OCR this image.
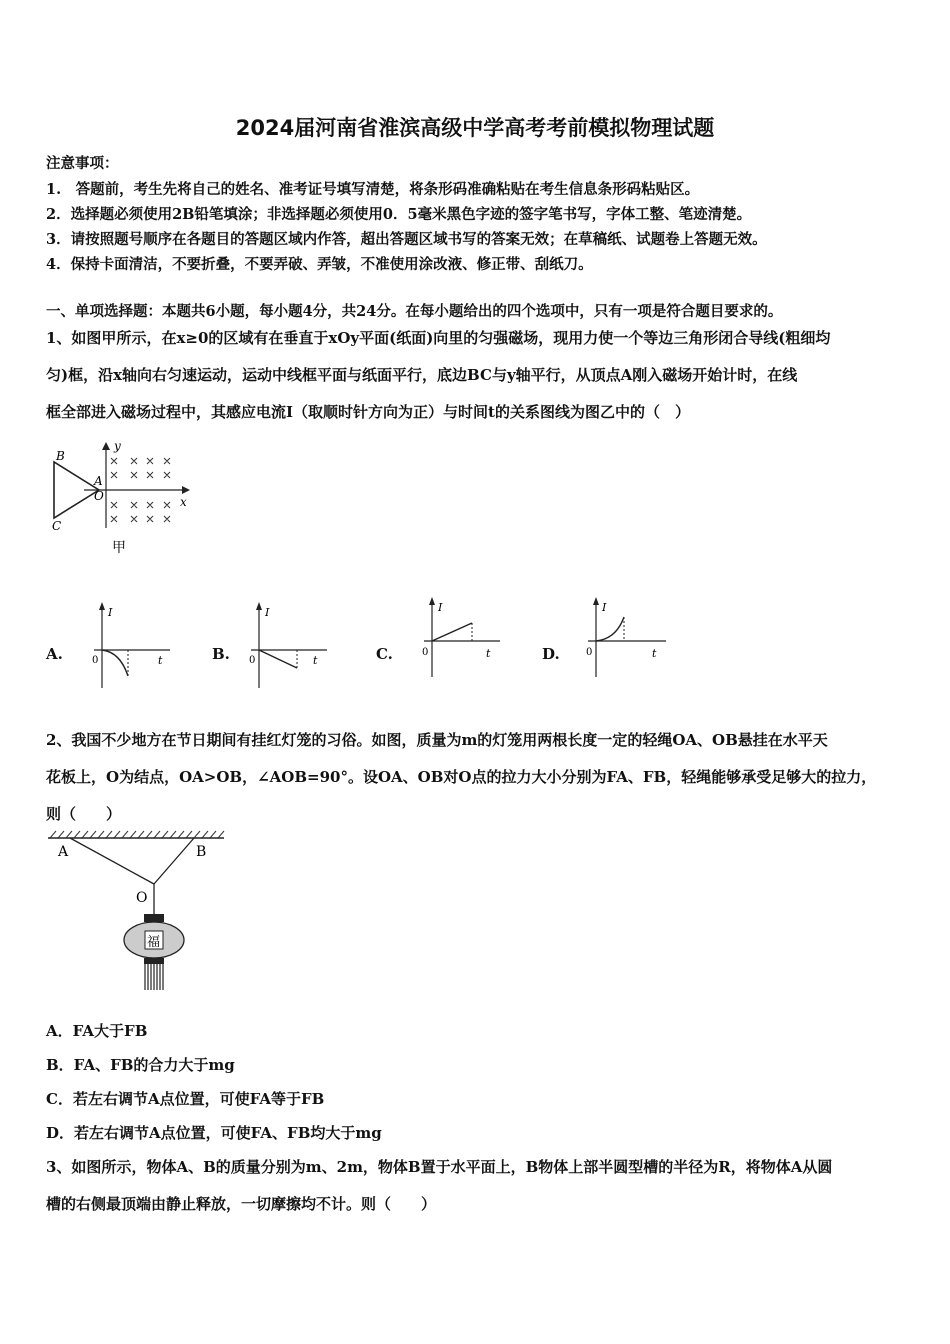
2024届河南省淮滨高级中学高考考前模拟物理试题
注意事项：
1.　答题前，考生先将自己的姓名、准考证号填写清楚，将条形码准确粘贴在考生信息条形码粘贴区。
2．选择题必须使用2B铅笔填涂；非选择题必须使用0．5毫米黑色字迹的签字笔书写，字体工整、笔迹清楚。
3．请按照题号顺序在各题目的答题区域内作答，超出答题区域书写的答案无效；在草稿纸、试题卷上答题无效。
4．保持卡面清洁，不要折叠，不要弄破、弄皱，不准使用涂改液、修正带、刮纸刀。
一、单项选择题：本题共6小题，每小题4分，共24分。在每小题给出的四个选项中，只有一项是符合题目要求的。
1、如图甲所示，在x≥0的区域有在垂直于xOy平面(纸面)向里的匀强磁场，现用力使一个等边三角形闭合导线(粗细均
匀)框，沿x轴向右匀速运动，运动中线框平面与纸面平行，底边BC与y轴平行，从顶点A刚入磁场开始计时，在线
框全部进入磁场过程中，其感应电流I（取顺时针方向为正）与时间t的关系图线为图乙中的（　）
B
A
C
O	x
y
甲
A.
I
t
0	B.
I
t
0	C.
I
t
0	D.
I
t
0
2、我国不少地方在节日期间有挂红灯笼的习俗。如图，质量为m的灯笼用两根长度一定的轻绳OA、OB悬挂在水平天
花板上，O为结点，OA>OB，∠AOB=90°。设OA、OB对O点的拉力大小分别为FA、FB，轻绳能够承受足够大的拉力，
则（　　）
A	B
O
福
A．FA大于FB
B．FA、FB的合力大于mg
C．若左右调节A点位置，可使FA等于FB
D．若左右调节A点位置，可使FA、FB均大于mg
3、如图所示，物体A、B的质量分别为m、2m，物体B置于水平面上，B物体上部半圆型槽的半径为R，将物体A从圆
槽的右侧最顶端由静止释放，一切摩擦均不计。则（　　）
